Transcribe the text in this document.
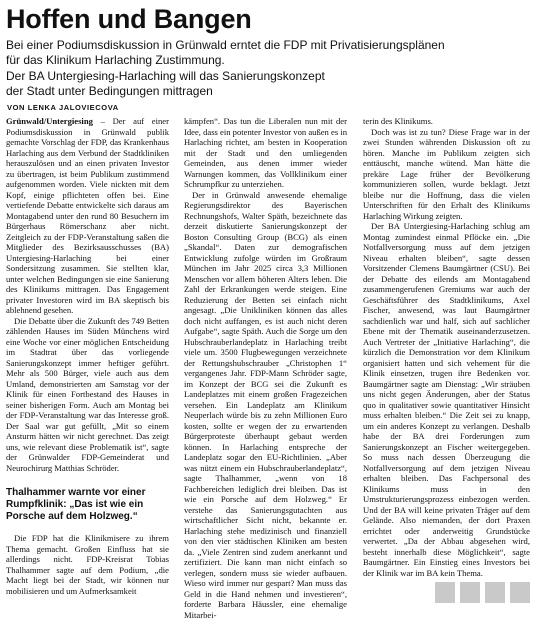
Hoffen und Bangen
Bei einer Podiumsdiskussion in Grünwald erntet die FDP mit Privatisierungsplänen
für das Klinikum Harlaching Zustimmung.
Der BA Untergiesing-Harlaching will das Sanierungskonzept
der Stadt unter Bedingungen mittragen
VON LENKA JALOVIECOVA

Grünwald/Untergiesing – Der auf einer Podiumsdiskussion in Grünwald publik gemachte Vorschlag der FDP, das Krankenhaus Harlaching aus dem Verbund der Stadtkliniken herauszulösen und an einen privaten Investor zu übertragen, ist beim Publikum zustimmend aufgenommen worden. Viele nickten mit dem Kopf, einige pflichteten offen bei. Eine vertiefende Debatte entwickelte sich daraus am Montagabend unter den rund 80 Besuchern im Bürgerhaus Römerschanz aber nicht. Zeitgleich zu der FDP-Veranstaltung saßen die Mitglieder des Bezirksausschusses (BA) Untergiesing-Harlaching bei einer Sondersitzung zusammen. Sie stellten klar, unter welchen Bedingungen sie eine Sanierung des Klinikums mittragen. Das Engagement privater Investoren wird im BA skeptisch bis ablehnend gesehen.

Die Debatte über die Zukunft des 749 Betten zählenden Hauses im Süden Münchens wird eine Woche vor einer möglichen Entscheidung im Stadtrat über das vorliegende Sanierungskonzept immer heftiger geführt. Mehr als 500 Bürger, viele auch aus dem Umland, demonstrierten am Samstag vor der Klinik für einen Fortbestand des Hauses in seiner bisherigen Form. Auch am Montag bei der FDP-Veranstaltung war das Interesse groß. Der Saal war gut gefüllt, „Mit so einem Ansturm hätten wir nicht gerechnet. Das zeigt uns, wie relevant diese Problematik ist“, sagte der Grünwalder FDP-Gemeinderat und Neurochirurg Matthias Schröder.

Thalhammer warnte vor einer Rumpfklinik: „Das ist wie ein Porsche auf dem Holzweg.“

Die FDP hat die Klinikmisere zu ihrem Thema gemacht. Großen Einfluss hat sie allerdings nicht. FDP-Kreisrat Tobias Thalhammer sagte auf dem Podium, „die Macht liegt bei der Stadt, wir können nur mobilisieren und um Aufmerksamkeit

kämpfen“. Das tun die Liberalen nun mit der Idee, dass ein potenter Investor von außen es in Harlaching richtet, am besten in Kooperation mit der Stadt und den umliegenden Gemeinden, aus denen immer wieder Warnungen kommen, das Vollklinikum einer Schrumpfkur zu unterziehen.

Der in Grünwald anwesende ehemalige Regierungsdirektor des Bayerischen Rechnungshofs, Walter Späth, bezeichnete das derzeit diskutierte Sanierungskonzept der Boston Consulting Group (BCG) als einen „Skandal“. Daten zur demografischen Entwicklung zufolge würden im Großraum München im Jahr 2025 circa 3,3 Millionen Menschen vor allem höheren Alters leben. Die Zahl der Erkrankungen werde steigen. Eine Reduzierung der Betten sei einfach nicht angesagt. „Die Unikliniken können das alles doch nicht auffangen, es ist auch nicht deren Aufgabe“, sagte Späth. Auch die Sorge um den Hubschrauberlandeplatz in Harlaching treibt viele um. 3500 Flugbewegungen verzeichnete der Rettungshubschrauber „Christophen 1“ vergangenes Jahr. FDP-Mann Schröder sagte, im Konzept der BCG sei die Zukunft es Landeplatzes mit einem großen Fragezeichen versehen. Ein Landeplatz am Klinikum Neuperlach würde bis zu zehn Millionen Euro kosten, sollte er wegen der zu erwartenden Bürgerproteste überhaupt gebaut werden können. In Harlaching entspreche der Landeplatz sogar den EU-Richtlinien. „Aber was nützt einem ein Hubschrauberlandeplatz“, sagte Thalhammer, „wenn von 18 Fachbereichen lediglich drei bleiben. Das ist wie ein Porsche auf dem Holzweg.“ Er verstehe das Sanierungsgutachten aus wirtschaftlicher Sicht nicht, bekannte er. Harlaching stehe medizinisch und finanziell von den vier städtischen Kliniken am besten da. „Viele Zentren sind zudem anerkannt und zertifiziert. Die kann man nicht einfach so verlegen, sondern muss sie wieder aufbauen. Wieso wird immer nur gespart? Man muss das Geld in die Hand nehmen und investieren“, forderte Barbara Häussler, eine ehemalige Mitarbei-

terin des Klinikums.

Doch was ist zu tun? Diese Frage war in der zwei Stunden währenden Diskussion oft zu hören. Manche im Publikum zeigten sich enttäuscht, manche wütend. Man hätte die prekäre Lage früher der Bevölkerung kommunizieren sollen, wurde beklagt. Jetzt bleibe nur die Hoffnung, dass die vielen Unterschriften für den Erhalt des Klinikums Harlaching Wirkung zeigten.

Der BA Untergiesing-Harlaching schlug am Montag zumindest einmal Pflöcke ein. „Die Notfallversorgung muss auf dem jetzigen Niveau erhalten bleiben“, sagte dessen Vorsitzender Clemens Baumgärtner (CSU). Bei der Debatte des eilends am Montagabend zusammengerufenen Gremiums war auch der Geschäftsführer des Stadtklinikums, Axel Fischer, anwesend, was laut Baumgärtner sachdienlich war und half, sich auf sachlicher Ebene mit der Thematik auseinanderzusetzen. Auch Vertreter der „Initiative Harlaching“, die kürzlich die Demonstration vor dem Klinikum organisiert hatten und sich vehement für die Klinik einsetzen, trugen ihre Bedenken vor. Baumgärtner sagte am Dienstag: „Wir sträuben uns nicht gegen Änderungen, aber der Status quo in qualitativer sowie quantitativer Hinsicht muss erhalten bleiben.“ Die Zeit sei zu knapp, um ein anderes Konzept zu verlangen. Deshalb habe der BA drei Forderungen zum Sanierungskonzept an Fischer weitergegeben. So muss nach dessen Überzeugung die Notfallversorgung auf dem jetzigen Niveau erhalten bleiben. Das Fachpersonal des Klinikums muss in den Umstrukturierungsprozess einbezogen werden. Und der BA will keine privaten Träger auf dem Gelände. Also niemanden, der dort Praxen errichtet oder anderweitig Grundstücke verwertet. „Da der Abbau abgesehen wird, besteht innerhalb diese Möglichkeit“, sagte Baumgärtner. Ein Einstieg eines Investors bei der Klinik war im BA kein Thema.
